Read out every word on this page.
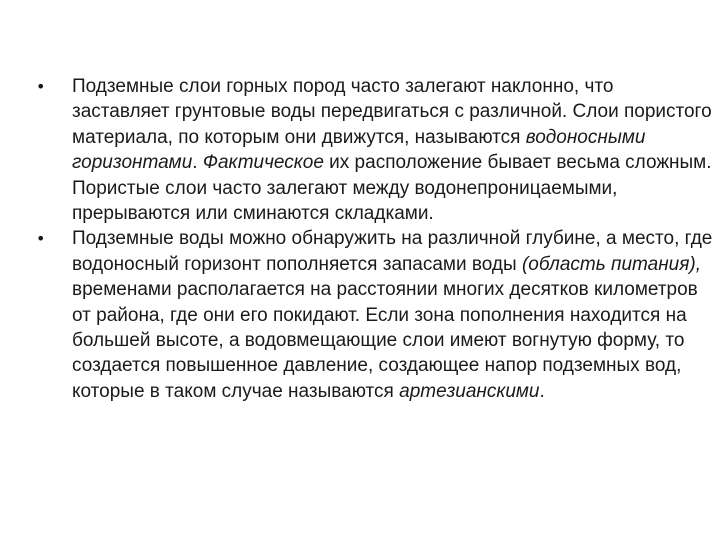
•	Подземные слои горных пород часто залегают наклонно, что заставляет грунтовые воды передвигаться с различной. Слои пористого материала, по которым они движутся, называются водоносными горизонтами. Фактическое их расположение бывает весьма сложным. Пористые слои часто залегают между водонепроницаемыми, прерываются или сминаются складками.
•	Подземные воды можно обнаружить на различной глубине, а место, где водоносный горизонт пополняется запасами воды (область питания), временами располагается на расстоянии многих десятков километров от района, где они его покидают. Если зона пополнения находится на большей высоте, а водовмещающие слои имеют вогнутую форму, то создается повышенное давление, создающее напор подземных вод, которые в таком случае называются артезианскими.
